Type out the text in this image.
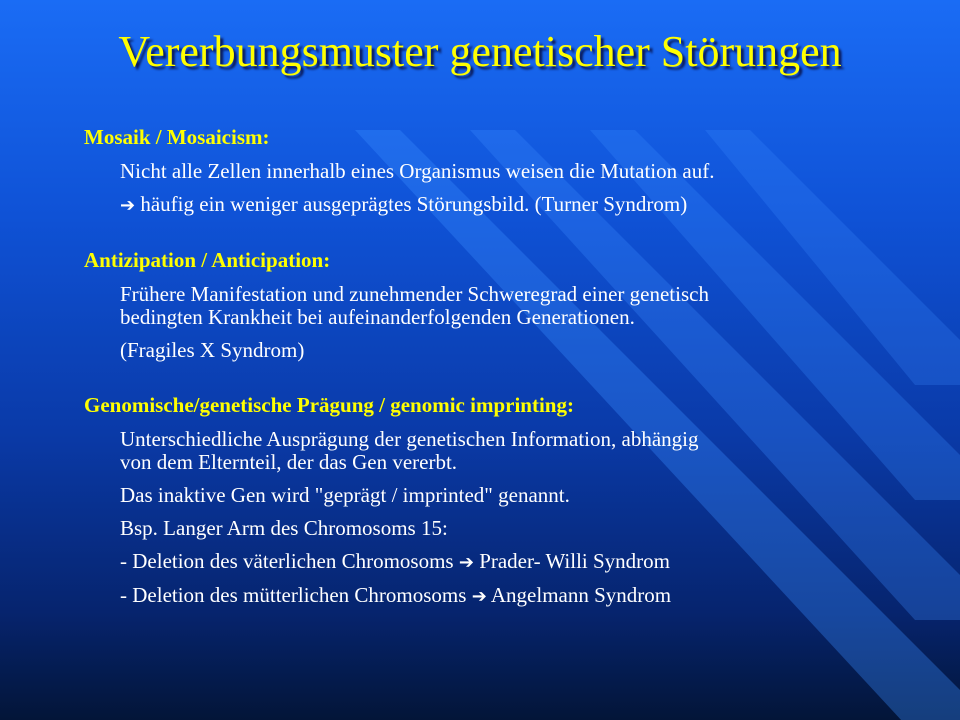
Vererbungsmuster genetischer Störungen
Mosaik / Mosaicism:
Nicht alle Zellen innerhalb eines Organismus weisen die Mutation auf.
➔ häufig ein weniger ausgeprägtes Störungsbild. (Turner Syndrom)
Antizipation / Anticipation:
Frühere Manifestation und zunehmender Schweregrad einer genetisch
bedingten Krankheit bei aufeinanderfolgenden Generationen.
(Fragiles X Syndrom)
Genomische/genetische Prägung / genomic imprinting:
Unterschiedliche Ausprägung der genetischen Information, abhängig
von dem Elternteil, der das Gen vererbt.
Das inaktive Gen wird "geprägt / imprinted" genannt.
Bsp. Langer Arm des Chromosoms 15:
- Deletion des väterlichen Chromosoms ➔ Prader- Willi Syndrom
- Deletion des mütterlichen Chromosoms ➔ Angelmann Syndrom
